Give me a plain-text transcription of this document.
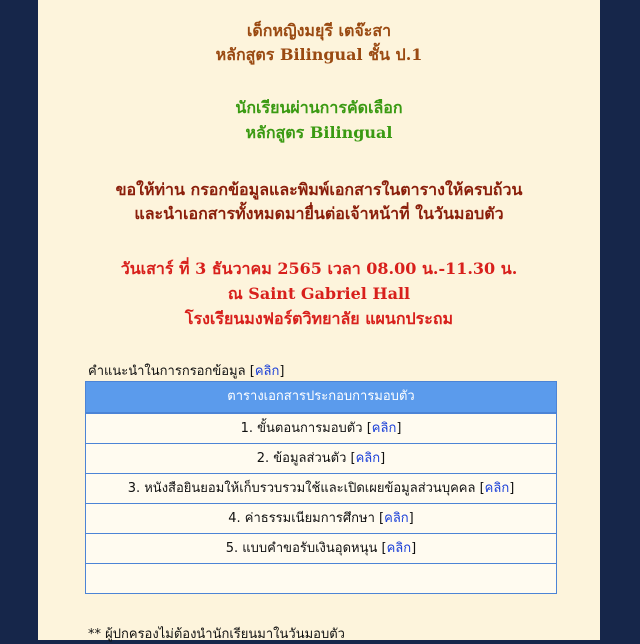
เด็กหญิงมยุรี เตจ๊ะสา
หลักสูตร Bilingual ชั้น ป.1
นักเรียนผ่านการคัดเลือก
หลักสูตร Bilingual
ขอให้ท่าน กรอกข้อมูลและพิมพ์เอกสารในตารางให้ครบถ้วน
และนำเอกสารทั้งหมดมายื่นต่อเจ้าหน้าที่ ในวันมอบตัว
วันเสาร์ ที่ 3 ธันวาคม 2565 เวลา 08.00 น.-11.30 น.
ณ Saint Gabriel Hall
โรงเรียนมงฟอร์ตวิทยาลัย แผนกประถม
คำแนะนำในการกรอกข้อมูล [คลิก]
ตารางเอกสารประกอบการมอบตัว
1. ขั้นตอนการมอบตัว [คลิก]
2. ข้อมูลส่วนตัว [คลิก]
3. หนังสือยินยอมให้เก็บรวบรวมใช้และเปิดเผยข้อมูลส่วนบุคคล [คลิก]
4. ค่าธรรมเนียมการศึกษา [คลิก]
5. แบบคำขอรับเงินอุดหนุน [คลิก]
** ผู้ปกครองไม่ต้องนำนักเรียนมาในวันมอบตัว
